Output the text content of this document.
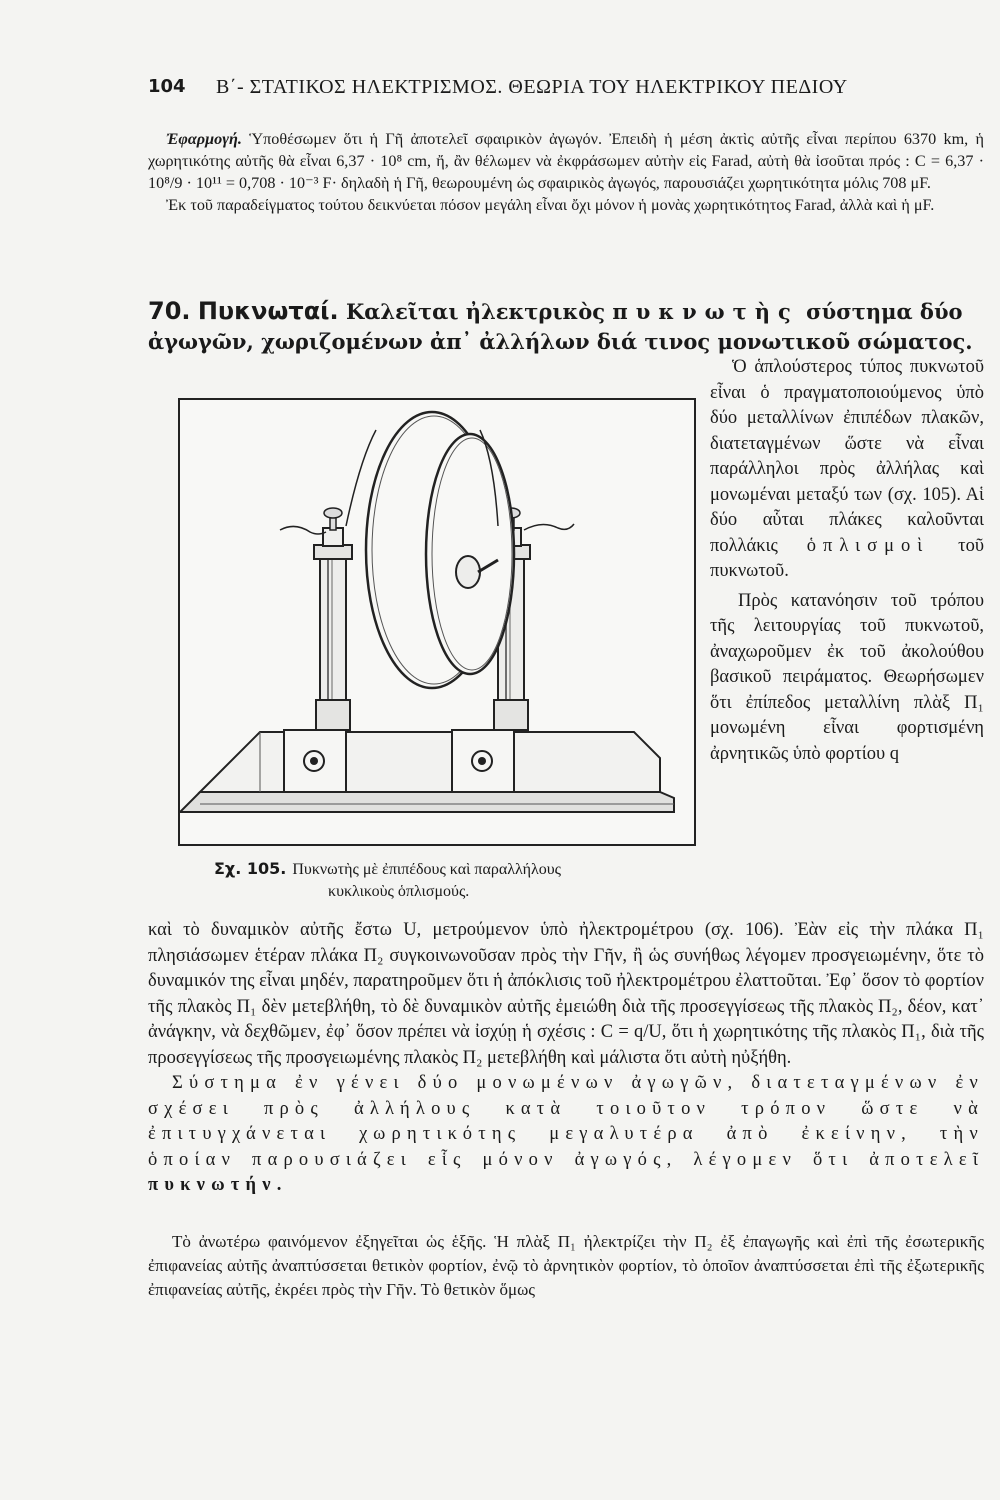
104 Β΄- ΣΤΑΤΙΚΟΣ ΗΛΕΚΤΡΙΣΜΟΣ. ΘΕΩΡΙΑ ΤΟΥ ΗΛΕΚΤΡΙΚΟΥ ΠΕΔΙΟΥ

Ἐφαρμογή. Ὑποθέσωμεν ὅτι ἡ Γῆ ἀποτελεῖ σφαιρικὸν ἀγωγόν. Ἐπειδὴ ἡ μέση ἀκτὶς αὐτῆς εἶναι περίπου 6370 km, ἡ χωρητικότης αὐτῆς θὰ εἶναι 6,37 · 10⁸ cm, ἤ, ἂν θέλωμεν νὰ ἐκφράσωμεν αὐτὴν εἰς Farad, αὐτὴ θὰ ἰσοῦται πρός : C = 6,37 · 10⁸/9 · 10¹¹ = 0,708 · 10⁻³ F· δηλαδὴ ἡ Γῆ, θεωρουμένη ὡς σφαιρικὸς ἀγωγός, παρουσιάζει χωρητικότητα μόλις 708 μF.

Ἐκ τοῦ παραδείγματος τούτου δεικνύεται πόσον μεγάλη εἶναι ὄχι μόνον ἡ μονὰς χωρητικότητος Farad, ἀλλὰ καὶ ἡ μF.

70. Πυκνωταί. Καλεῖται ἠλεκτρικὸς πυκνωτὴς σύστημα δύο ἀγωγῶν, χωριζομένων ἀπ᾽ ἀλλήλων διά τινος μονωτικοῦ σώματος.
Σχ. 105. Πυκνωτὴς μὲ ἐπιπέδους καὶ παραλλήλους
κυκλικοὺς ὁπλισμούς.

Ὁ ἁπλούστερος τύπος πυκνωτοῦ εἶναι ὁ πραγματοποιούμενος ὑπὸ δύο μεταλλίνων ἐπιπέδων πλακῶν, διατεταγμένων ὥστε νὰ εἶναι παράλληλοι πρὸς ἀλλήλας καὶ μονωμέναι μεταξύ των (σχ. 105). Αἱ δύο αὗται πλάκες καλοῦνται πολλάκις ὁπλισμοὶ τοῦ πυκνωτοῦ.

Πρὸς κατανόησιν τοῦ τρόπου τῆς λειτουργίας τοῦ πυκνωτοῦ, ἀναχωροῦμεν ἐκ τοῦ ἀκολούθου βασικοῦ πειράματος. Θεωρήσωμεν ὅτι ἐπίπεδος μεταλλίνη πλὰξ Π₁ μονωμένη εἶναι φορτισμένη ἀρνητικῶς ὑπὸ φορτίου q

καὶ τὸ δυναμικὸν αὐτῆς ἔστω U, μετρούμενον ὑπὸ ἠλεκτρομέτρου (σχ. 106). Ἐὰν εἰς τὴν πλάκα Π₁ πλησιάσωμεν ἑτέραν πλάκα Π₂ συγκοινωνοῦσαν πρὸς τὴν Γῆν, ἢ ὡς συνήθως λέγομεν προσγειωμένην, ὅτε τὸ δυναμικόν της εἶναι μηδέν, παρατηροῦμεν ὅτι ἡ ἀπόκλισις τοῦ ἠλεκτρομέτρου ἐλαττοῦται. Ἐφ᾽ ὅσον τὸ φορτίον τῆς πλακὸς Π₁ δὲν μετεβλήθη, τὸ δὲ δυναμικὸν αὐτῆς ἐμειώθη διὰ τῆς προσεγγίσεως τῆς πλακὸς Π₂, δέον, κατ᾽ ἀνάγκην, νὰ δεχθῶμεν, ἐφ᾽ ὅσον πρέπει νὰ ἰσχύῃ ἡ σχέσις : C = q/U, ὅτι ἡ χωρητικότης τῆς πλακὸς Π₁, διὰ τῆς προσεγγίσεως τῆς προσγειωμένης πλακὸς Π₂ μετεβλήθη καὶ μάλιστα ὅτι αὐτὴ ηὐξήθη.

Σύστημα ἐν γένει δύο μονωμένων ἀγωγῶν, διατεταγμένων ἐν σχέσει πρὸς ἀλλήλους κατὰ τοιοῦτον τρόπον ὥστε νὰ ἐπιτυγχάνεται χωρητικότης μεγαλυτέρα ἀπὸ ἐκείνην, τὴν ὁποίαν παρουσιάζει εἷς μόνον ἀγωγός, λέγομεν ὅτι ἀποτελεῖ πυκνωτήν.

Τὸ ἀνωτέρω φαινόμενον ἐξηγεῖται ὡς ἑξῆς. Ἡ πλὰξ Π₁ ἠλεκτρίζει τὴν Π₂ ἐξ ἐπαγωγῆς καὶ ἐπὶ τῆς ἐσωτερικῆς ἐπιφανείας αὐτῆς ἀναπτύσσεται θετικὸν φορτίον, ἐνῷ τὸ ἀρνητικὸν φορτίον, τὸ ὁποῖον ἀναπτύσσεται ἐπὶ τῆς ἐξωτερικῆς ἐπιφανείας αὐτῆς, ἐκρέει πρὸς τὴν Γῆν. Τὸ θετικὸν ὅμως
